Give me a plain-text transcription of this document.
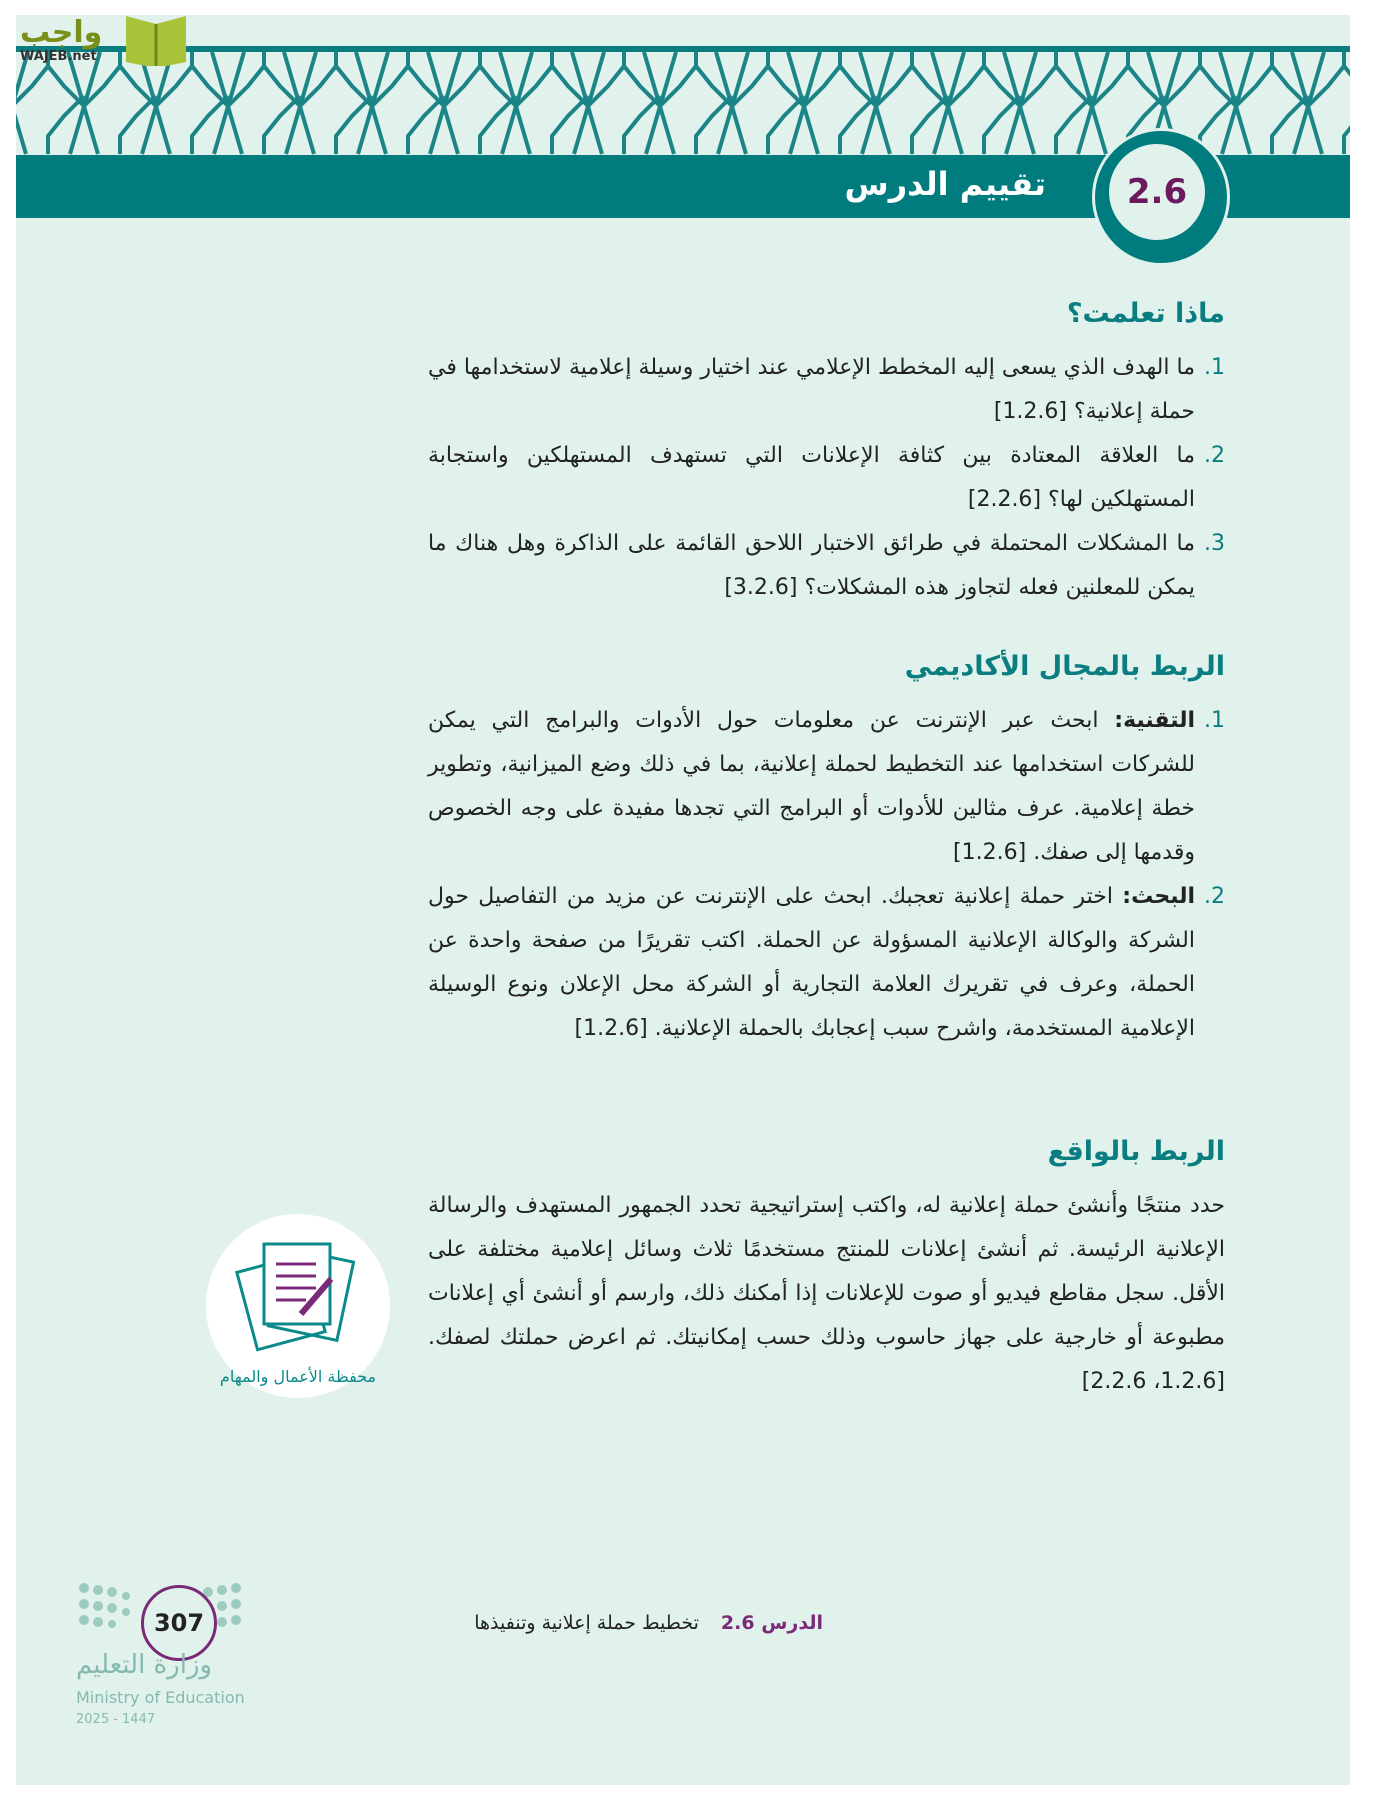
تقييم الدرس	2.6
واجب
WAJEB.net
ماذا تعلمت؟
1.
ما الهدف الذي يسعى إليه المخطط الإعلامي عند اختيار وسيلة إعلامية لاستخدامها في حملة إعلانية؟ [1.2.6]
2.
ما العلاقة المعتادة بين كثافة الإعلانات التي تستهدف المستهلكين واستجابة المستهلكين لها؟ [2.2.6]
3.
ما المشكلات المحتملة في طرائق الاختبار اللاحق القائمة على الذاكرة وهل هناك ما يمكن للمعلنين فعله لتجاوز هذه المشكلات؟ [3.2.6]
الربط بالمجال الأكاديمي
1.
التقنية: ابحث عبر الإنترنت عن معلومات حول الأدوات والبرامج التي يمكن للشركات استخدامها عند التخطيط لحملة إعلانية، بما في ذلك وضع الميزانية، وتطوير خطة إعلامية. عرف مثالين للأدوات أو البرامج التي تجدها مفيدة على وجه الخصوص وقدمها إلى صفك. [1.2.6]
2.
البحث: اختر حملة إعلانية تعجبك. ابحث على الإنترنت عن مزيد من التفاصيل حول الشركة والوكالة الإعلانية المسؤولة عن الحملة. اكتب تقريرًا من صفحة واحدة عن الحملة، وعرف في تقريرك العلامة التجارية أو الشركة محل الإعلان ونوع الوسيلة الإعلامية المستخدمة، واشرح سبب إعجابك بالحملة الإعلانية. [1.2.6]
الربط بالواقع

حدد منتجًا وأنشئ حملة إعلانية له، واكتب إستراتيجية تحدد الجمهور المستهدف والرسالة الإعلانية الرئيسة. ثم أنشئ إعلانات للمنتج مستخدمًا ثلاث وسائل إعلامية مختلفة على الأقل. سجل مقاطع فيديو أو صوت للإعلانات إذا أمكنك ذلك، وارسم أو أنشئ أي إعلانات مطبوعة أو خارجية على جهاز حاسوب وذلك حسب إمكانيتك. ثم اعرض حملتك لصفك. [1.2.6، 2.2.6]

محفظة الأعمال والمهام
الدرس 2.6تخطيط حملة إعلانية وتنفيذها
307
وزارة التعليم
Ministry of Education
2025 - 1447
